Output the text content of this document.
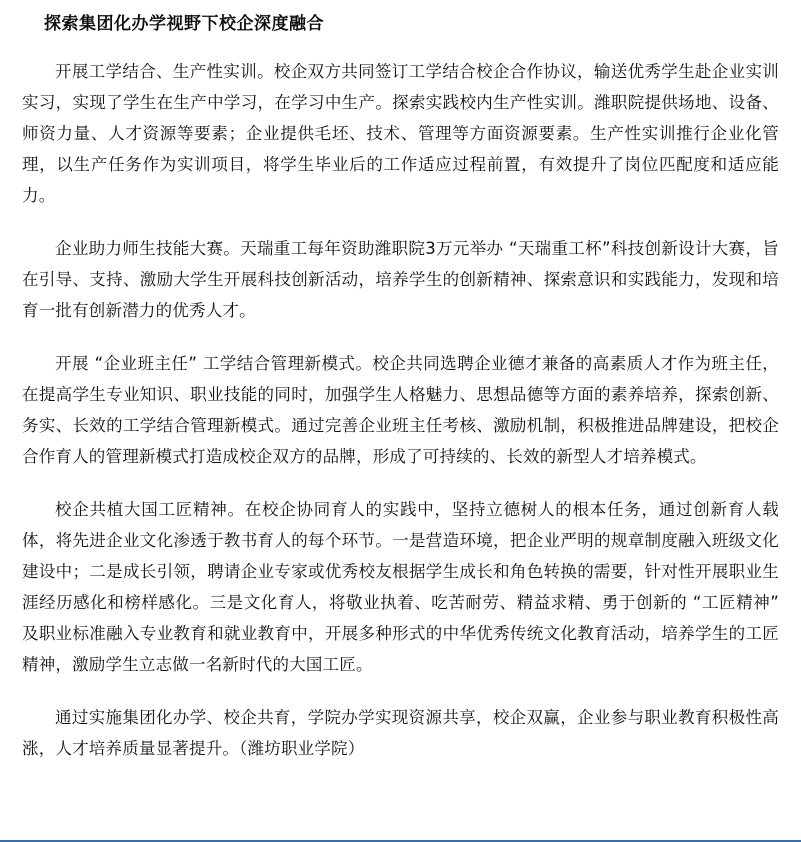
探索集团化办学视野下校企深度融合

开展工学结合、生产性实训。校企双方共同签订工学结合校企合作协议，输送优秀学生赴企业实训实习，实现了学生在生产中学习，在学习中生产。探索实践校内生产性实训。潍职院提供场地、设备、师资力量、人才资源等要素；企业提供毛坯、技术、管理等方面资源要素。生产性实训推行企业化管理，以生产任务作为实训项目，将学生毕业后的工作适应过程前置，有效提升了岗位匹配度和适应能力。

企业助力师生技能大赛。天瑞重工每年资助潍职院3万元举办 “天瑞重工杯”科技创新设计大赛，旨在引导、支持、激励大学生开展科技创新活动，培养学生的创新精神、探索意识和实践能力，发现和培育一批有创新潜力的优秀人才。

开展 “企业班主任” 工学结合管理新模式。校企共同选聘企业德才兼备的高素质人才作为班主任，在提高学生专业知识、职业技能的同时，加强学生人格魅力、思想品德等方面的素养培养，探索创新、务实、长效的工学结合管理新模式。通过完善企业班主任考核、激励机制，积极推进品牌建设，把校企合作育人的管理新模式打造成校企双方的品牌，形成了可持续的、长效的新型人才培养模式。

校企共植大国工匠精神。在校企协同育人的实践中，坚持立德树人的根本任务，通过创新育人载体，将先进企业文化渗透于教书育人的每个环节。一是营造环境，把企业严明的规章制度融入班级文化建设中；二是成长引领，聘请企业专家或优秀校友根据学生成长和角色转换的需要，针对性开展职业生涯经历感化和榜样感化。三是文化育人，将敬业执着、吃苦耐劳、精益求精、勇于创新的 “工匠精神” 及职业标准融入专业教育和就业教育中，开展多种形式的中华优秀传统文化教育活动，培养学生的工匠精神，激励学生立志做一名新时代的大国工匠。

通过实施集团化办学、校企共育，学院办学实现资源共享，校企双赢，企业参与职业教育积极性高涨，人才培养质量显著提升。（潍坊职业学院）
